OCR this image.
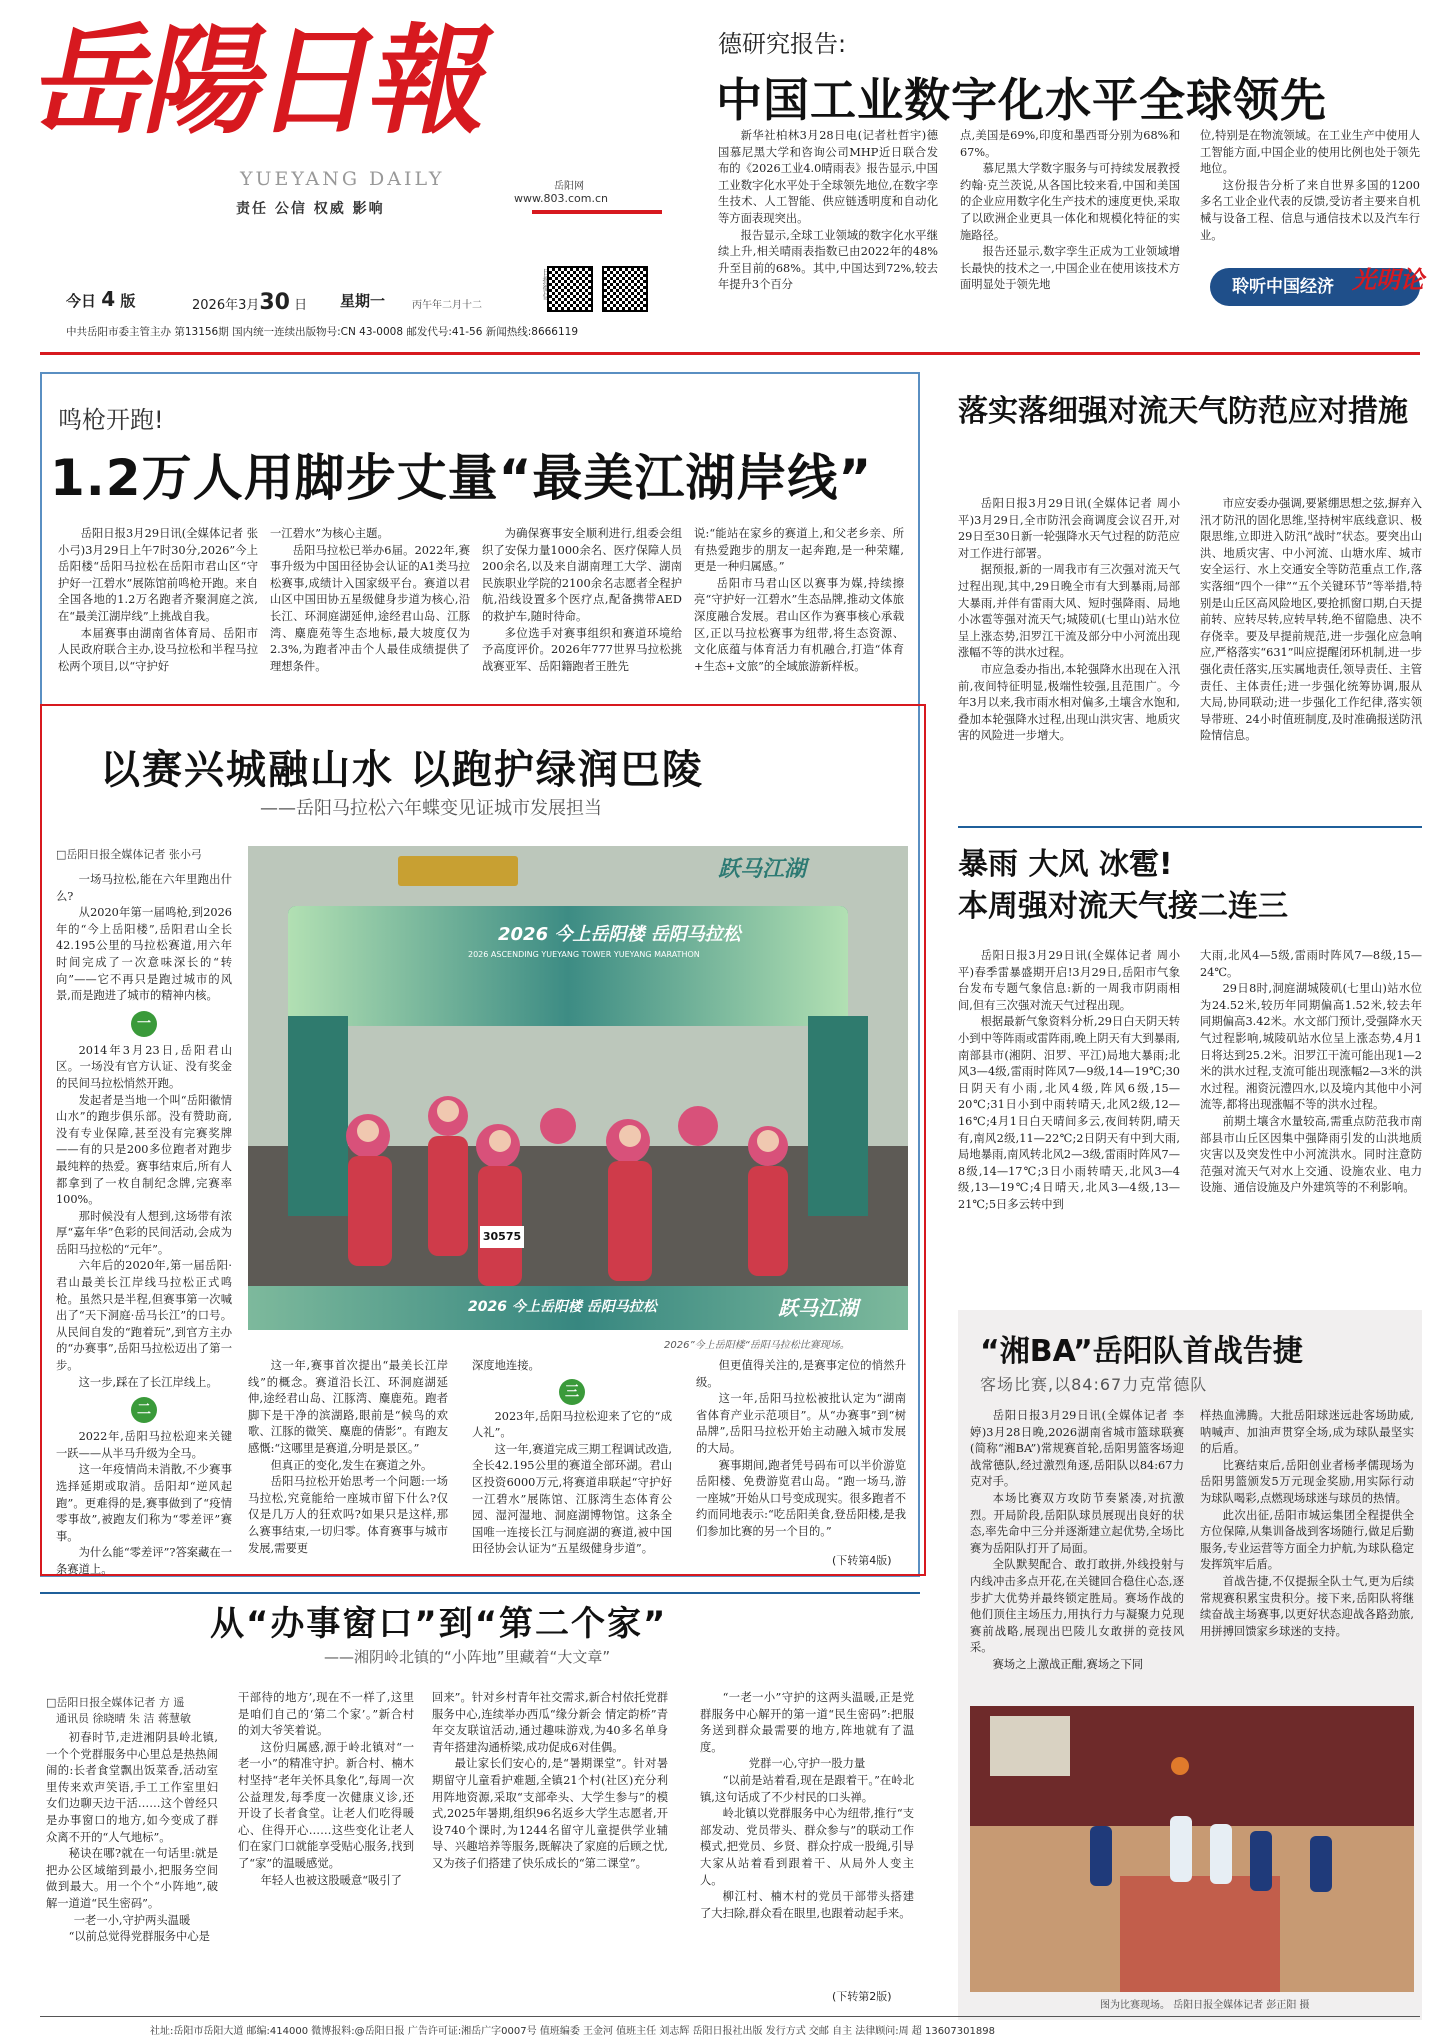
岳陽日報
YUEYANG DAILY
责任 公信 权威 影响
岳阳网
www.803.com.cn
今日 4 版	2026年3月30 日 星期一	丙午年二月十二
中共岳阳市委主管主办 第13156期 国内统一连续出版物号:CN 43-0008 邮发代号:41-56 新闻热线:8666119
德研究报告:
中国工业数字化水平全球领先

新华社柏林3月28日电(记者杜哲宇)德国慕尼黑大学和咨询公司MHP近日联合发布的《2026工业4.0晴雨表》报告显示,中国工业数字化水平处于全球领先地位,在数字孪生技术、人工智能、供应链透明度和自动化等方面表现突出。

报告显示,全球工业领域的数字化水平继续上升,相关晴雨表指数已由2022年的48%升至目前的68%。其中,中国达到72%,较去年提升3个百分

点,美国是69%,印度和墨西哥分别为68%和67%。

慕尼黑大学数字服务与可持续发展教授约翰·克兰茨说,从各国比较来看,中国和美国的企业应用数字化生产技术的速度更快,采取了以欧洲企业更具一体化和规模化特征的实施路径。

报告还显示,数字孪生正成为工业领域增长最快的技术之一,中国企业在使用该技术方面明显处于领先地

位,特别是在物流领域。在工业生产中使用人工智能方面,中国企业的使用比例也处于领先地位。

这份报告分析了来自世界多国的1200多名工业企业代表的反馈,受访者主要来自机械与设备工程、信息与通信技术以及汽车行业。

聆听中国经济 光明论
鸣枪开跑!
1.2万人用脚步丈量“最美江湖岸线”

岳阳日报3月29日讯(全媒体记者 张小弓)3月29日上午7时30分,2026”今上岳阳楼“岳阳马拉松在岳阳市君山区“守护好一江碧水”展陈馆前鸣枪开跑。来自全国各地的1.2万名跑者齐聚洞庭之滨,在“最美江湖岸线”上挑战自我。

本届赛事由湖南省体育局、岳阳市人民政府联合主办,设马拉松和半程马拉松两个项目,以“守护好

一江碧水”为核心主题。

岳阳马拉松已举办6届。2022年,赛事升级为中国田径协会认证的A1类马拉松赛事,成绩计入国家级平台。赛道以君山区中国田协五星级健身步道为核心,沿长江、环洞庭湖延伸,途经君山岛、江豚湾、麋鹿苑等生态地标,最大坡度仅为2.3%,为跑者冲击个人最佳成绩提供了理想条件。

为确保赛事安全顺利进行,组委会组织了安保力量1000余名、医疗保障人员200余名,以及来自湖南理工大学、湖南民族职业学院的2100余名志愿者全程护航,沿线设置多个医疗点,配备携带AED的救护车,随时待命。

多位选手对赛事组织和赛道环境给予高度评价。2026年777世界马拉松挑战赛亚军、岳阳籍跑者王胜先

说:“能站在家乡的赛道上,和父老乡亲、所有热爱跑步的朋友一起奔跑,是一种荣耀,更是一种归属感。”

岳阳市马君山区以赛事为媒,持续擦亮“守护好一江碧水”生态品牌,推动文体旅深度融合发展。君山区作为赛事核心承载区,正以马拉松赛事为纽带,将生态资源、文化底蕴与体育活力有机融合,打造“体育+生态+文旅”的全域旅游新样板。

以赛兴城融山水 以跑护绿润巴陵
——岳阳马拉松六年蝶变见证城市发展担当
□岳阳日报全媒体记者 张小弓

一场马拉松,能在六年里跑出什么?

从2020年第一届鸣枪,到2026年的“今上岳阳楼”,岳阳君山全长42.195公里的马拉松赛道,用六年时间完成了一次意味深长的“转向”——它不再只是跑过城市的风景,而是跑进了城市的精神内核。

一

2014年3月23日,岳阳君山区。一场没有官方认证、没有奖金的民间马拉松悄然开跑。

发起者是当地一个叫“岳阳徽情山水”的跑步俱乐部。没有赞助商,没有专业保障,甚至没有完赛奖牌——有的只是200多位跑者对跑步最纯粹的热爱。赛事结束后,所有人都拿到了一枚自制纪念牌,完赛率100%。

那时候没有人想到,这场带有浓厚“嘉年华”色彩的民间活动,会成为岳阳马拉松的“元年”。

六年后的2020年,第一届岳阳·君山最美长江岸线马拉松正式鸣枪。虽然只是半程,但赛事第一次喊出了“天下洞庭·岳马长江”的口号。从民间自发的“跑着玩”,到官方主办的“办赛事”,岳阳马拉松迈出了第一步。

这一步,踩在了长江岸线上。

二

2022年,岳阳马拉松迎来关键一跃——从半马升级为全马。

这一年疫情尚未消散,不少赛事选择延期或取消。岳阳却“逆风起跑”。更难得的是,赛事做到了“疫情零事故”,被跑友们称为“零差评”赛事。

为什么能“零差评”?答案藏在一条赛道上。

2026 今上岳阳楼 岳阳马拉松
2026 ASCENDING YUEYANG TOWER YUEYANG MARATHON
跃马江湖
30575
2026 今上岳阳楼 岳阳马拉松	跃马江湖
2026”今上岳阳楼“岳阳马拉松比赛现场。

这一年,赛事首次提出“最美长江岸线”的概念。赛道沿长江、环洞庭湖延伸,途经君山岛、江豚湾、麋鹿苑。跑者脚下是干净的滨湖路,眼前是“候鸟的欢歌、江豚的微笑、麋鹿的倩影”。有跑友感慨:“这哪里是赛道,分明是景区。”

但真正的变化,发生在赛道之外。

岳阳马拉松开始思考一个问题:一场马拉松,究竟能给一座城市留下什么?仅仅是几万人的狂欢吗?如果只是这样,那么赛事结束,一切归零。体育赛事与城市发展,需要更

深度地连接。

三

2023年,岳阳马拉松迎来了它的“成人礼”。

这一年,赛道完成三期工程调试改造,全长42.195公里的赛道全部环湖。君山区投资6000万元,将赛道串联起“守护好一江碧水”展陈馆、江豚湾生态体育公园、湿河湿地、洞庭湖博物馆。这条全国唯一连接长江与洞庭湖的赛道,被中国田径协会认证为“五星级健身步道”。

但更值得关注的,是赛事定位的悄然升级。

这一年,岳阳马拉松被批认定为“湖南省体育产业示范项目”。从“办赛事”到“树品牌”,岳阳马拉松开始主动融入城市发展的大局。

赛事期间,跑者凭号码布可以半价游览岳阳楼、免费游览君山岛。“跑一场马,游一座城”开始从口号变成现实。很多跑者不约而同地表示:“吃岳阳美食,登岳阳楼,是我们参加比赛的另一个目的。”

(下转第4版)
从“办事窗口”到“第二个家”
——湘阴岭北镇的“小阵地”里藏着“大文章”
□岳阳日报全媒体记者 方 遥
通讯员 徐晓晴 朱 洁 蒋慧敏

初春时节,走进湘阴县岭北镇,一个个党群服务中心里总是热热闹闹的:长者食堂飘出饭菜香,活动室里传来欢声笑语,手工工作室里妇女们边聊天边干活……这个曾经只是办事窗口的地方,如今变成了群众离不开的“人气地标”。

秘诀在哪?就在一句话里:就是把办公区域缩到最小,把服务空间做到最大。用一个个“小阵地”,破解一道道“民生密码”。

一老一小,守护两头温暖

“以前总觉得党群服务中心是

干部待的地方’,现在不一样了,这里是咱们自己的‘第二个家’。”新合村的刘大爷笑着说。

这份归属感,源于岭北镇对“一老一小”的精准守护。新合村、楠木村坚持“老年关怀具象化”,每周一次公益理发,每季度一次健康义诊,还开设了长者食堂。让老人们吃得暖心、住得开心……这些变化让老人们在家门口就能享受贴心服务,找到了“家”的温暖感觉。

年轻人也被这股暖意“吸引了

回来”。针对乡村青年社交需求,新合村依托党群服务中心,连续举办西瓜“缘分新会 情定韵桥”青年交友联谊活动,通过趣味游戏,为40多名单身青年搭建沟通桥梁,成功促成6对佳偶。

最让家长们安心的,是“暑期课堂”。针对暑期留守儿童看护难题,全镇21个村(社区)充分利用阵地资源,采取“支部牵头、大学生参与”的模式,2025年暑期,组织96名返乡大学生志愿者,开设740个课时,为1244名留守儿童提供学业辅导、兴趣培养等服务,既解决了家庭的后顾之忧,又为孩子们搭建了快乐成长的“第二课堂”。

“一老一小”守护的这两头温暖,正是党群服务中心解开的第一道“民生密码”:把服务送到群众最需要的地方,阵地就有了温度。

党群一心,守护一股力量

“以前是站着看,现在是跟着干。”在岭北镇,这句话成了不少村民的口头禅。

岭北镇以党群服务中心为纽带,推行“支部发动、党员带头、群众参与”的联动工作模式,把党员、乡贤、群众拧成一股绳,引导大家从站着看到跟着干、从局外人变主人。

柳江村、楠木村的党员干部带头搭建了大扫除,群众看在眼里,也跟着动起手来。

(下转第2版)
落实落细强对流天气防范应对措施

岳阳日报3月29日讯(全媒体记者 周小平)3月29日,全市防汛会商调度会议召开,对29日至30日新一轮强降水天气过程的防范应对工作进行部署。

据预报,新的一周我市有三次强对流天气过程出现,其中,29日晚全市有大到暴雨,局部大暴雨,并伴有雷雨大风、短时强降雨、局地小冰雹等强对流天气;城陵矶(七里山)站水位呈上涨态势,汨罗江干流及部分中小河流出现涨幅不等的洪水过程。

市应急委办指出,本轮强降水出现在入汛前,夜间特征明显,极端性较强,且范围广。今年3月以来,我市雨水相对偏多,土壤含水饱和,叠加本轮强降水过程,出现山洪灾害、地质灾害的风险进一步增大。

市应安委办强调,要紧绷思想之弦,摒弃入汛才防汛的固化思维,坚持树牢底线意识、极限思维,立即进入防汛“战时”状态。要突出山洪、地质灾害、中小河流、山塘水库、城市安全运行、水上交通安全等防范重点工作,落实落细“四个一律”“五个关键环节”等举措,特别是山丘区高风险地区,要抢抓窗口期,白天提前转、应转尽转,应转早转,绝不留隐患、决不存侥幸。要及早提前规范,进一步强化应急响应,严格落实“631”叫应提醒闭环机制,进一步强化责任落实,压实属地责任,领导责任、主管责任、主体责任;进一步强化统筹协调,服从大局,协同联动;进一步强化工作纪律,落实领导带班、24小时值班制度,及时准确报送防汛险情信息。

暴雨 大风 冰雹!
本周强对流天气接二连三

岳阳日报3月29日讯(全媒体记者 周小平)春季雷暴盛期开启!3月29日,岳阳市气象台发布专题气象信息:新的一周我市阴雨相间,但有三次强对流天气过程出现。

根据最新气象资料分析,29日白天阴天转小到中等阵雨或雷阵雨,晚上阴天有大到暴雨,南部县市(湘阴、汨罗、平江)局地大暴雨;北风3—4级,雷雨时阵风7—9级,14—19℃;30日阴天有小雨,北风4级,阵风6级,15—20℃;31日小到中雨转晴天,北风2级,12—16℃;4月1日白天晴间多云,夜间转阴,晴天有,南风2级,11—22℃;2日阴天有中到大雨,局地暴雨,南风转北风2—3级,雷雨时阵风7—8级,14—17℃;3日小雨转晴天,北风3—4级,13—19℃;4日晴天,北风3—4级,13—21℃;5日多云转中到

大雨,北风4—5级,雷雨时阵风7—8级,15—24℃。

29日8时,洞庭湖城陵矶(七里山)站水位为24.52米,较历年同期偏高1.52米,较去年同期偏高3.42米。水文部门预计,受强降水天气过程影响,城陵矶站水位呈上涨态势,4月1日将达到25.2米。汨罗江干流可能出现1—2米的洪水过程,支流可能出现涨幅2—3米的洪水过程。湘资沅澧四水,以及境内其他中小河流等,都将出现涨幅不等的洪水过程。

前期土壤含水量较高,需重点防范我市南部县市山丘区因集中强降雨引发的山洪地质灾害以及突发性中小河流洪水。同时注意防范强对流天气对水上交通、设施农业、电力设施、通信设施及户外建筑等的不利影响。

“湘BA”岳阳队首战告捷
客场比赛,以84:67力克常德队

岳阳日报3月29日讯(全媒体记者 李婷)3月28日晚,2026湖南省城市篮球联赛(简称“湘BA”)常规赛首轮,岳阳男篮客场迎战常德队,经过激烈角逐,岳阳队以84:67力克对手。

本场比赛双方攻防节奏紧凑,对抗激烈。开局阶段,岳阳队球员展现出良好的状态,率先命中三分并逐渐建立起优势,全场比赛为岳阳队打开了局面。

全队默契配合、敢打敢拼,外线投射与内线冲击多点开花,在关键回合稳住心态,逐步扩大优势并最终锁定胜局。赛场作战的他们顶住主场压力,用执行力与凝聚力兑现赛前战略,展现出巴陵儿女敢拼的竞技风采。

赛场之上激战正酣,赛场之下同

样热血沸腾。大批岳阳球迷远赴客场助威,呐喊声、加油声贯穿全场,成为球队最坚实的后盾。

比赛结束后,岳阳创业者杨孝儒现场为岳阳男篮颁发5万元现金奖励,用实际行动为球队喝彩,点燃现场球迷与球员的热情。

此次出征,岳阳市城运集团全程提供全方位保障,从集训备战到客场随行,做足后勤服务,专业运营等方面全力护航,为球队稳定发挥筑牢后盾。

首战告捷,不仅提振全队士气,更为后续常规赛积累宝贵积分。接下来,岳阳队将继续奋战主场赛事,以更好状态迎战各路劲旅,用拼搏回馈家乡球迷的支持。

图为比赛现场。 岳阳日报全媒体记者 彭正阳 摄
社址:岳阳市岳阳大道 邮编:414000 微博报料:@岳阳日报 广告许可证:湘岳广字0007号 值班编委 王金河 值班主任 刘志辉 岳阳日报社出版 发行方式 交邮 自主 法律顾问:周 超 13607301898
